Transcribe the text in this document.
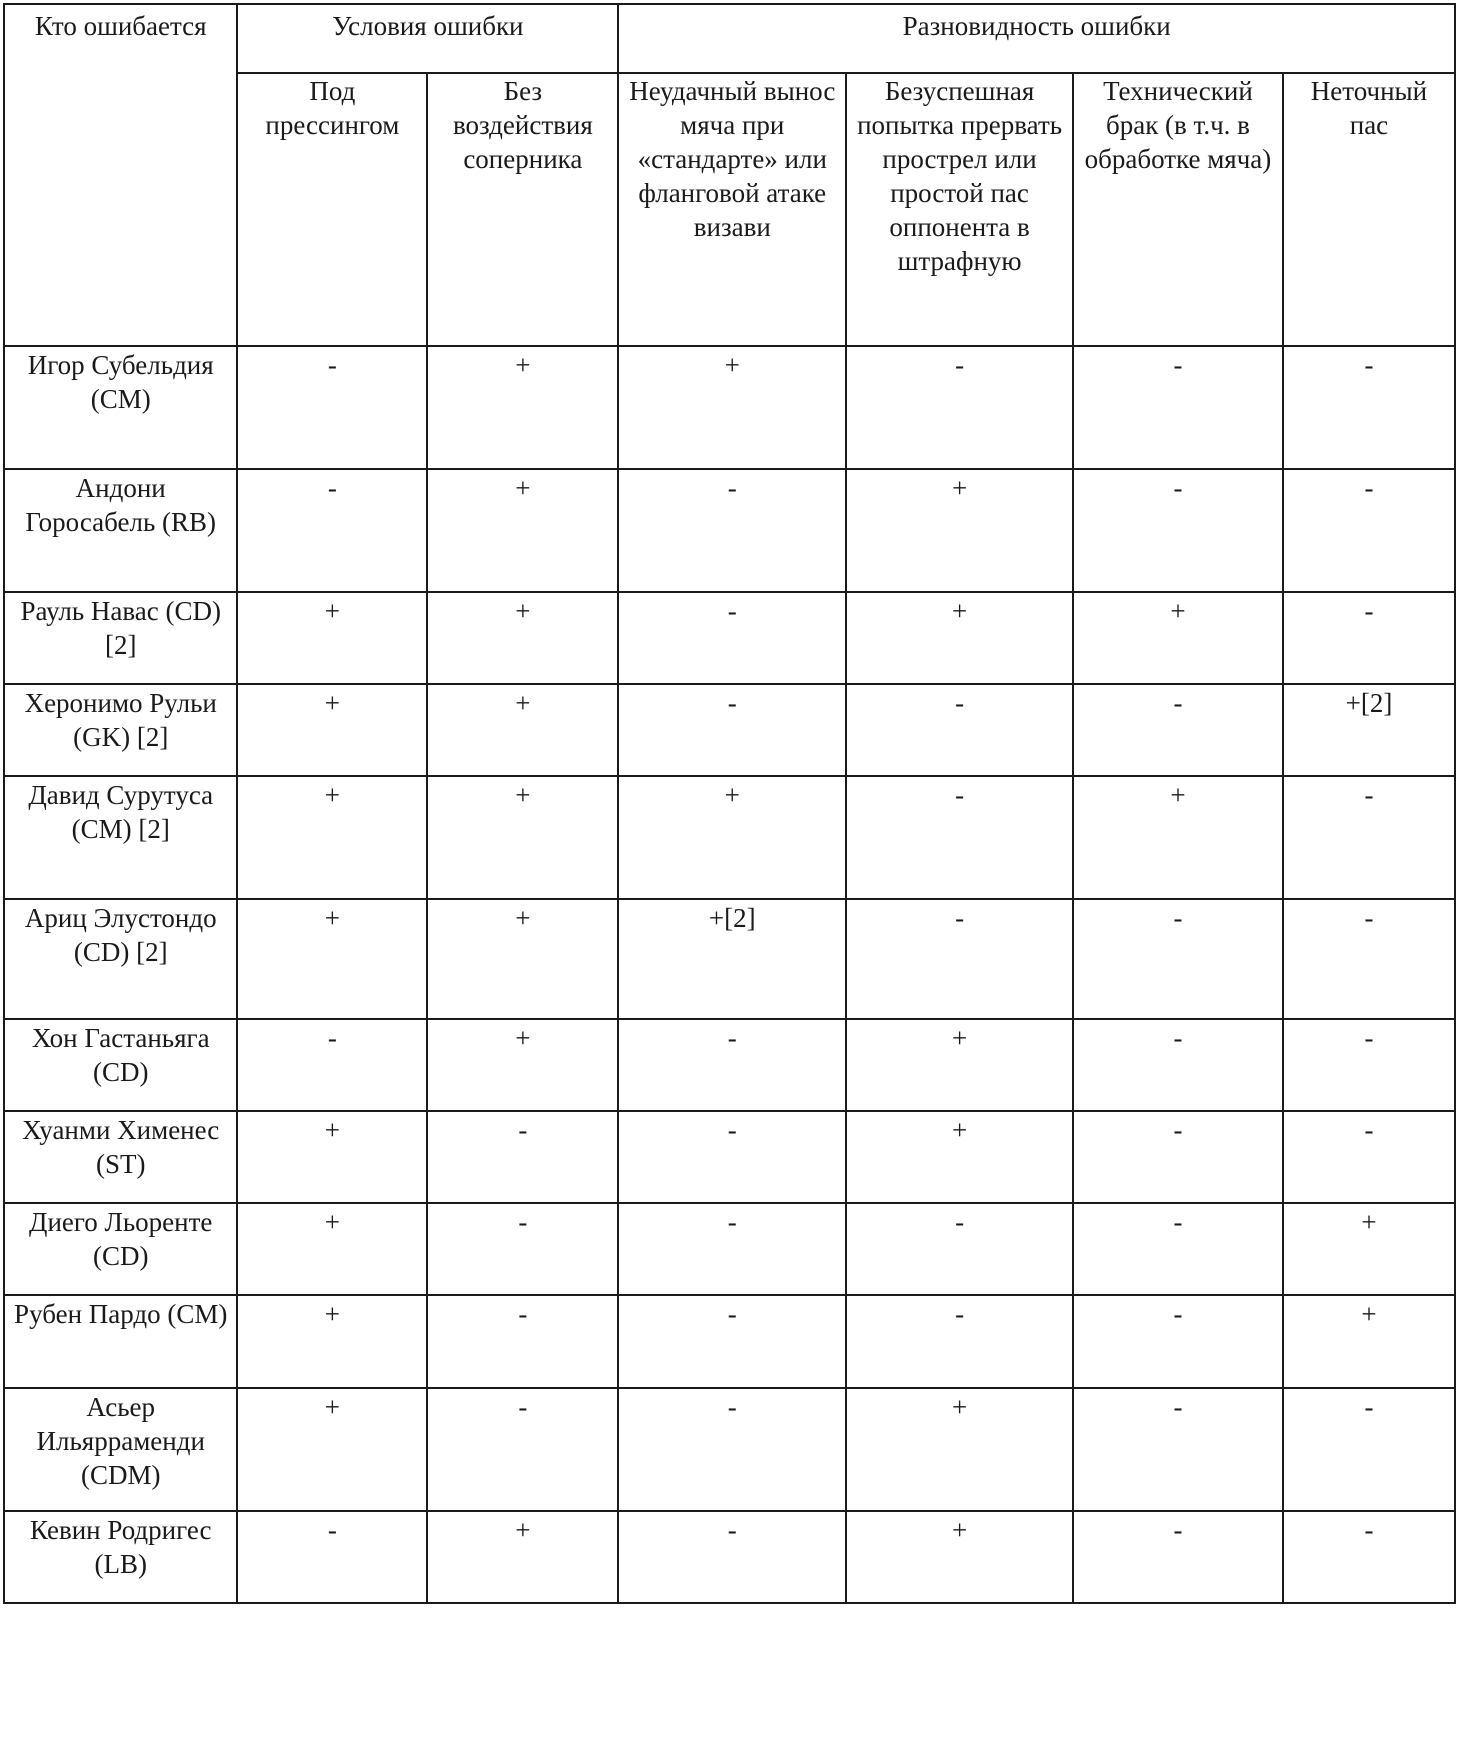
Кто ошибается	Условия ошибки		Разновидность ошибки			
	Под прессингом	Без воздействия соперника	Неудачный вынос мяча при «стандарте» или фланговой атаке визави	Безуспешная попытка прервать прострел или простой пас оппонента в штрафную	Технический брак (в т.ч. в обработке мяча)	Неточный пас
Игор Субельдия (CM)	-	+	+	-	-	-
Андони Горосабель (RB)	-	+	-	+	-	-
Рауль Навас (CD) [2]	+	+	-	+	+	-
Херонимо Рульи (GK) [2]	+	+	-	-	-	+[2]
Давид Сурутуса (CM) [2]	+	+	+	-	+	-
Ариц Элустондо (CD) [2]	+	+	+[2]	-	-	-
Хон Гастаньяга (CD)	-	+	-	+	-	-
Хуанми Хименес (ST)	+	-	-	+	-	-
Диего Льоренте (CD)	+	-	-	-	-	+
Рубен Пардо (CM)	+	-	-	-	-	+
Асьер Ильярраменди (CDM)	+	-	-	+	-	-
Кевин Родригес (LB)	-	+	-	+	-	-
